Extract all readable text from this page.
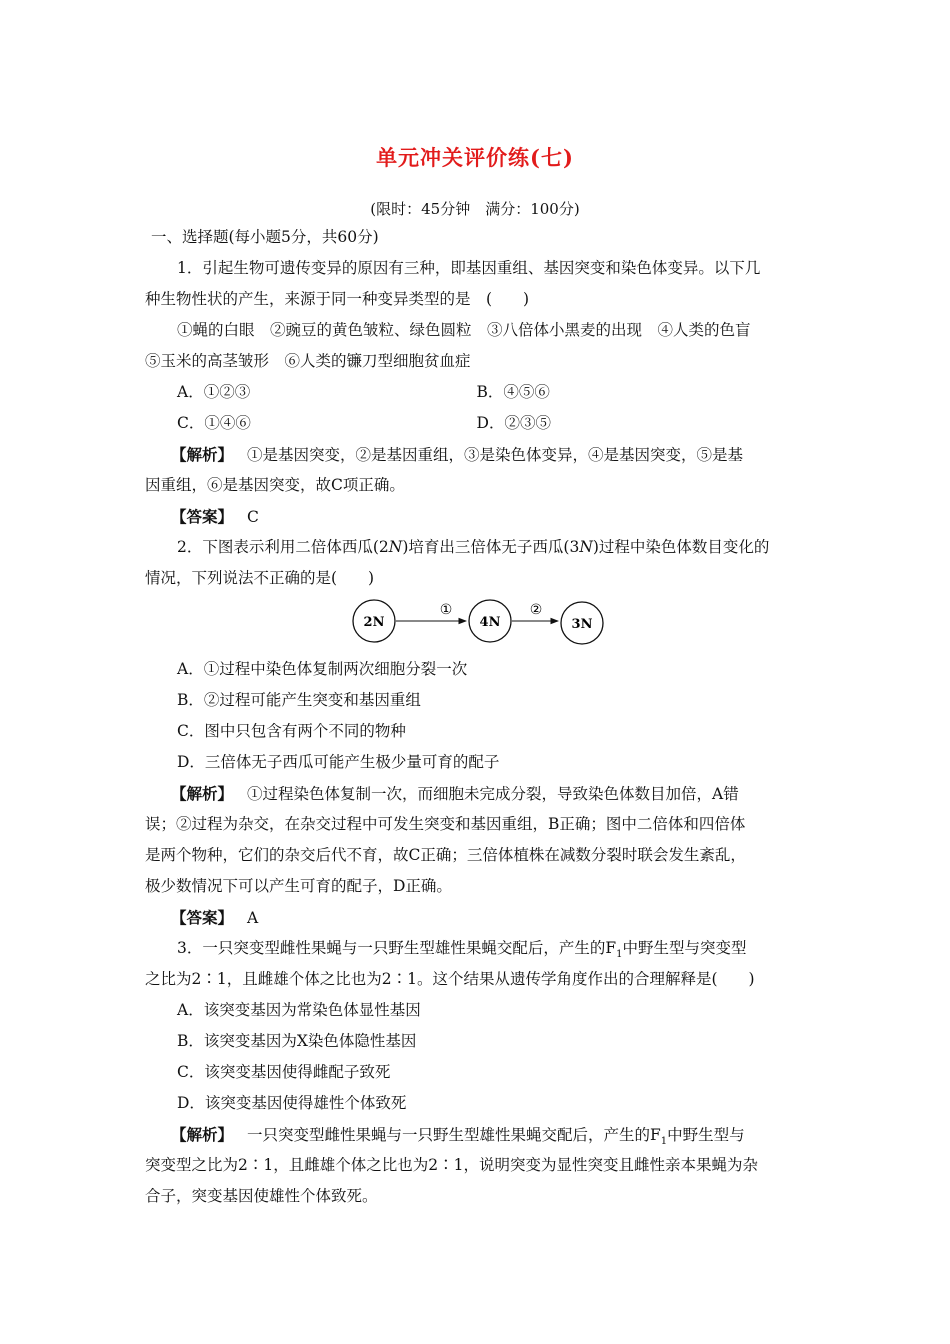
单元冲关评价练(七)
(限时：45分钟　满分：100分)
一、选择题(每小题5分，共60分)
1．引起生物可遗传变异的原因有三种，即基因重组、基因突变和染色体变异。以下几
种生物性状的产生，来源于同一种变异类型的是　(　　)
①蝇的白眼　②豌豆的黄色皱粒、绿色圆粒　③八倍体小黑麦的出现　④人类的色盲
⑤玉米的高茎皱形　⑥人类的镰刀型细胞贫血症
A．①②③	B．④⑤⑥
C．①④⑥	D．②③⑤
【解析】 ①是基因突变，②是基因重组，③是染色体变异，④是基因突变，⑤是基
因重组，⑥是基因突变，故C项正确。
【答案】 C
2．下图表示利用二倍体西瓜(2N)培育出三倍体无子西瓜(3N)过程中染色体数目变化的
情况，下列说法不正确的是(　　)
2N	4N	3N
①	②
A．①过程中染色体复制两次细胞分裂一次
B．②过程可能产生突变和基因重组
C．图中只包含有两个不同的物种
D．三倍体无子西瓜可能产生极少量可育的配子
【解析】 ①过程染色体复制一次，而细胞未完成分裂，导致染色体数目加倍，A错
误；②过程为杂交，在杂交过程中可发生突变和基因重组，B正确；图中二倍体和四倍体
是两个物种，它们的杂交后代不育，故C正确；三倍体植株在减数分裂时联会发生紊乱，
极少数情况下可以产生可育的配子，D正确。
【答案】 A
3．一只突变型雌性果蝇与一只野生型雄性果蝇交配后，产生的$F_1$中野生型与突变型
之比为2∶1，且雌雄个体之比也为2∶1。这个结果从遗传学角度作出的合理解释是(　　)
A．该突变基因为常染色体显性基因
B．该突变基因为X染色体隐性基因
C．该突变基因使得雌配子致死
D．该突变基因使得雄性个体致死
【解析】 一只突变型雌性果蝇与一只野生型雄性果蝇交配后，产生的$F_1$中野生型与
突变型之比为2∶1，且雌雄个体之比也为2∶1，说明突变为显性突变且雌性亲本果蝇为杂
合子，突变基因使雄性个体致死。
